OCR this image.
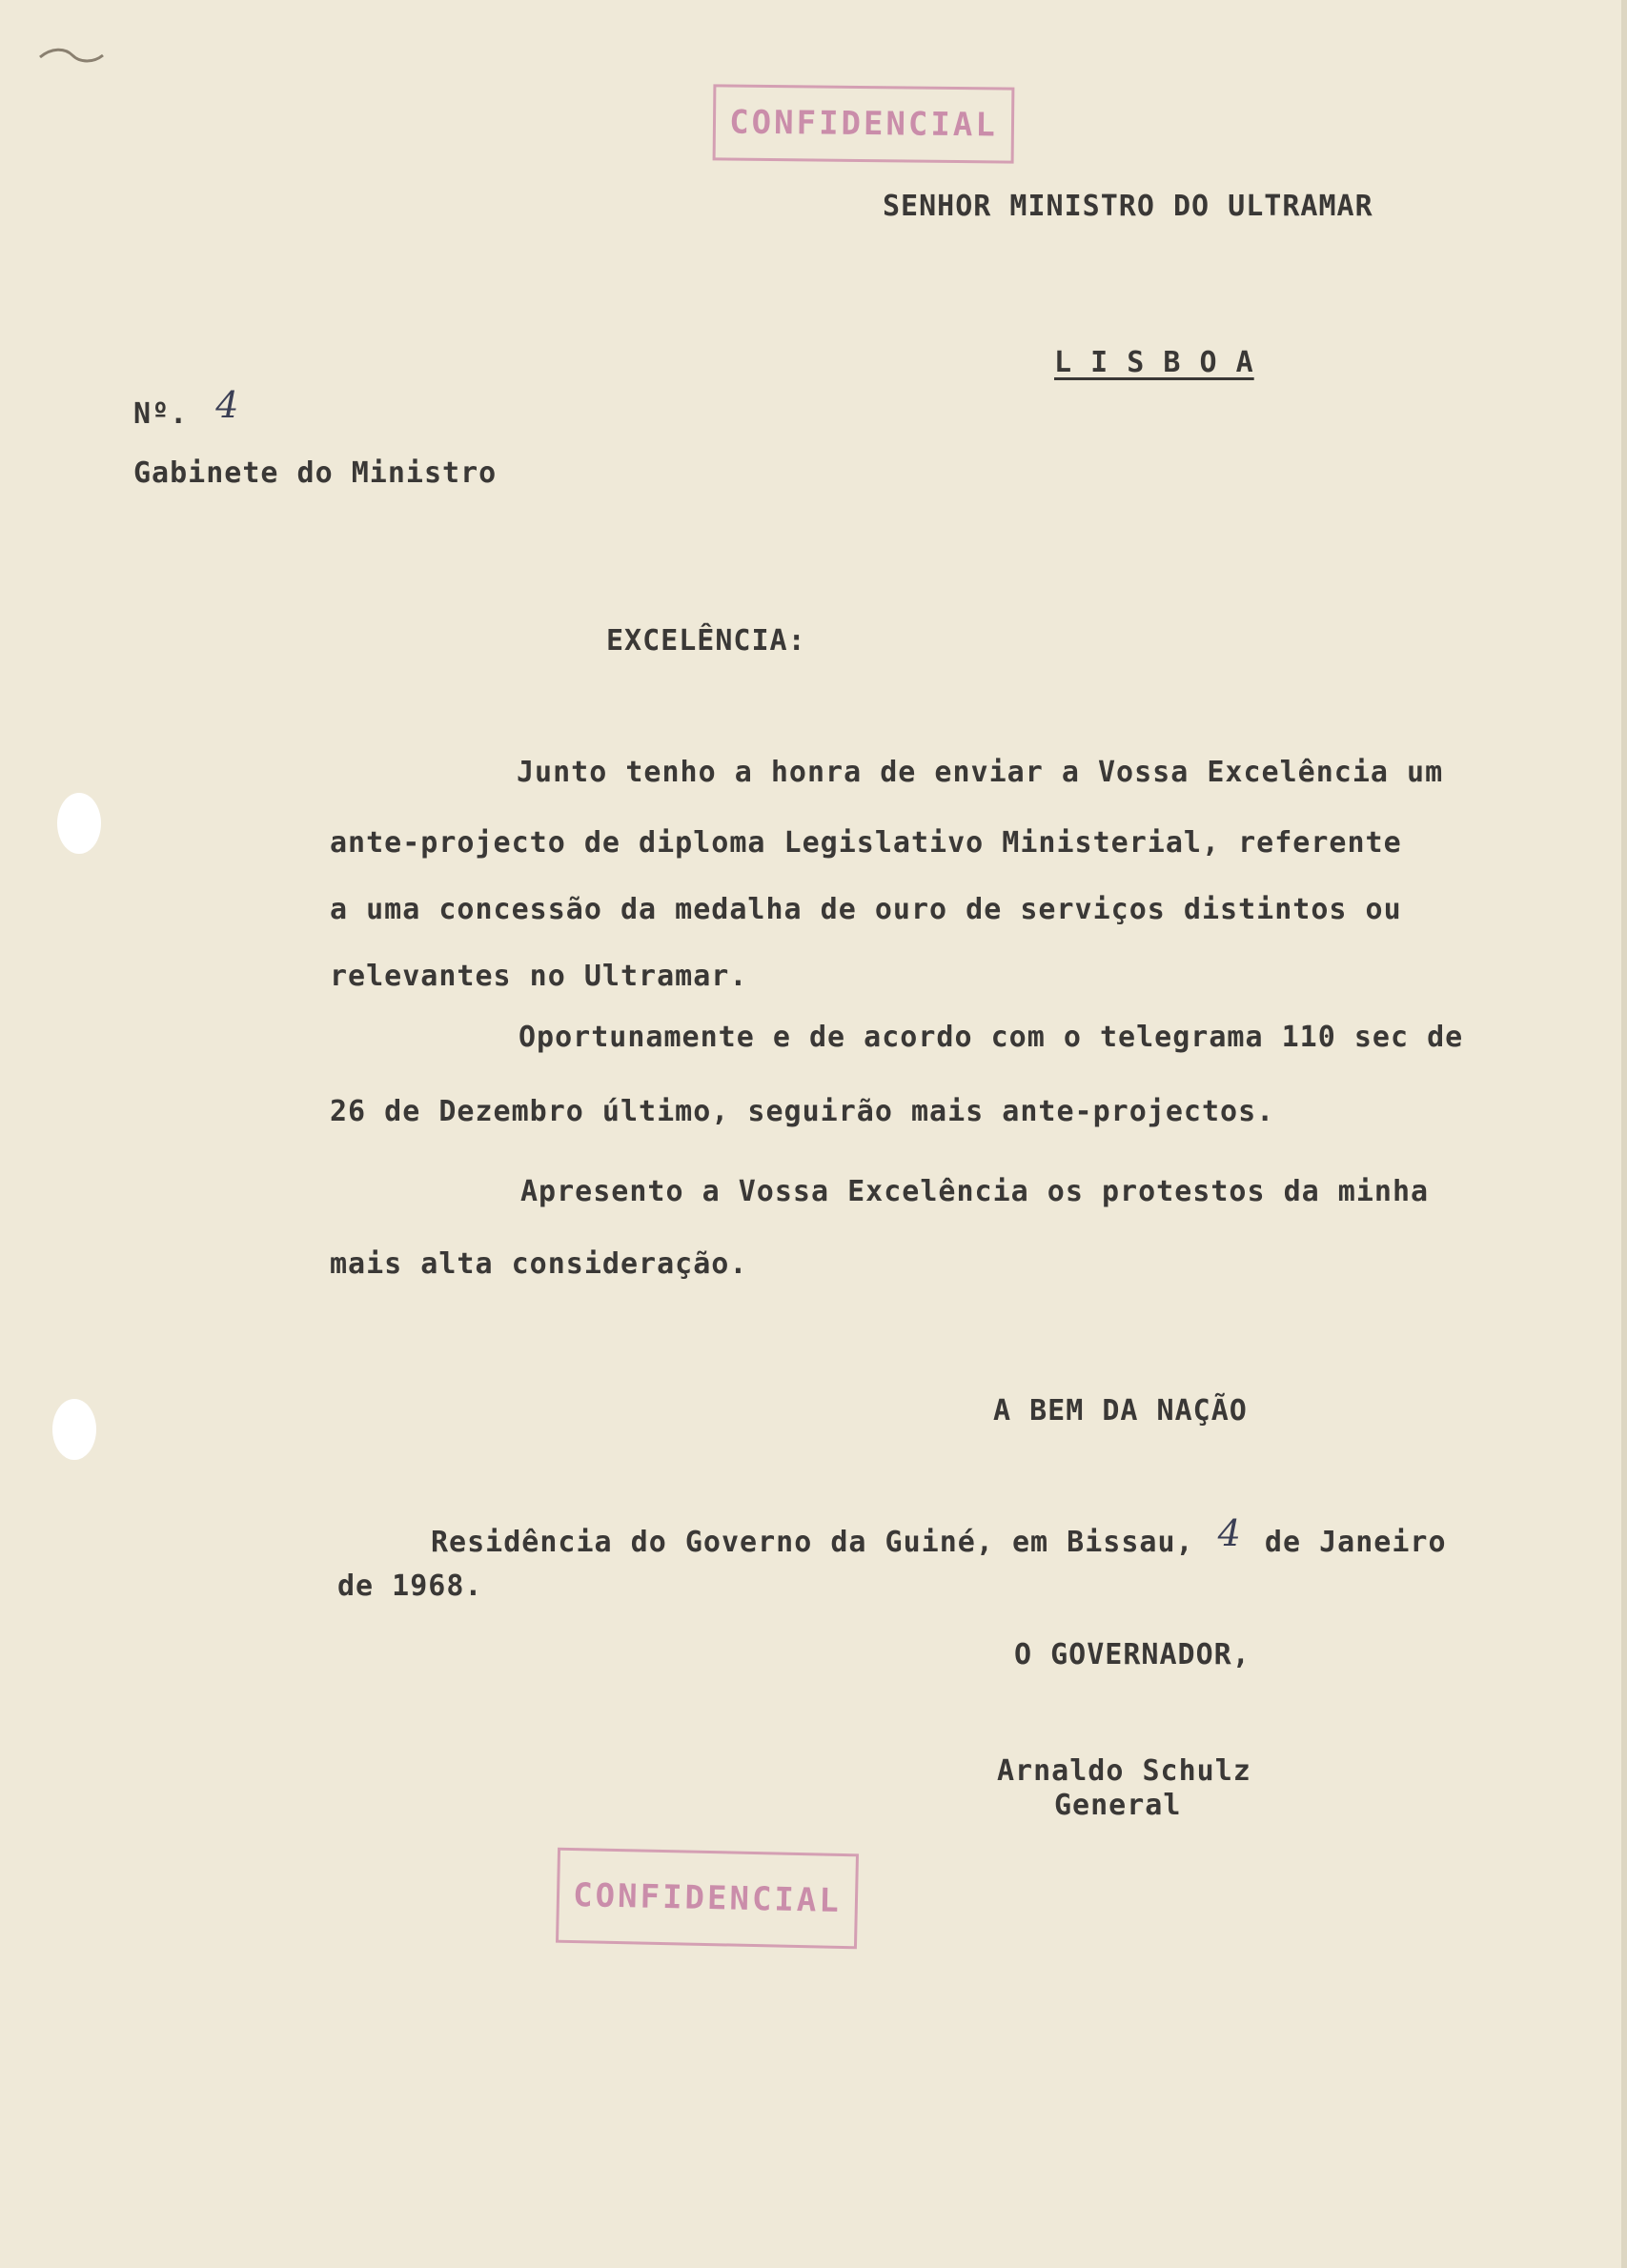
CONFIDENCIAL
SENHOR MINISTRO DO ULTRAMAR
L I S B O A
Nº. 4
Gabinete do Ministro
EXCELÊNCIA:
Junto tenho a honra de enviar a Vossa Excelência um
ante-projecto de diploma Legislativo Ministerial, referente
a uma concessão da medalha de ouro de serviços distintos ou
relevantes no Ultramar.
Oportunamente e de acordo com o telegrama 110 sec de
26 de Dezembro último, seguirão mais ante-projectos.
Apresento a Vossa Excelência os protestos da minha
mais alta consideração.
A BEM DA NAÇÃO
Residência do Governo da Guiné, em Bissau, 4 de Janeiro
de 1968.
O GOVERNADOR,
Arnaldo Schulz
General
CONFIDENCIAL
